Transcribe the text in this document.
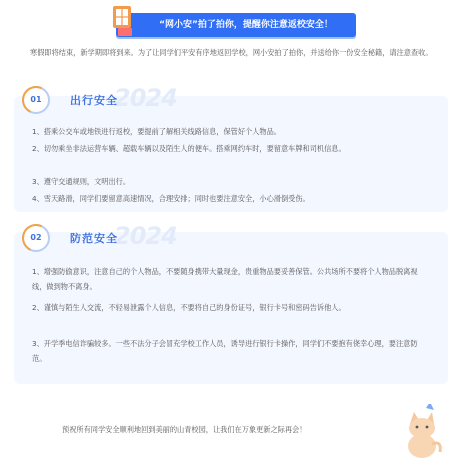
“网小安”拍了拍你，提醒你注意返校安全！
寒假即将结束，新学期即将到来。为了让同学们平安有序地返回学校，网小安拍了拍你，并送给你一份安全秘籍，请注意查收。
2024
01	出行安全
1、搭乘公交车或地铁进行返校，要提前了解相关线路信息，保管好个人物品。
2、切勿乘坐非法运营车辆、超载车辆以及陌生人的便车。搭乘网约车时，要留意车牌和司机信息。
3、遵守交通规则，文明出行。
4、雪天路滑，同学们要留意高速情况，合理安排；同时也要注意安全，小心滑倒受伤。
2024
02	防范安全
1、增强防偷意识，注意自己的个人物品，不要随身携带大量现金，贵重物品要妥善保管。公共场所不要将个人物品脱离视线，做到物不离身。
2、谨慎与陌生人交流，不轻易泄露个人信息，不要将自己的身份证号，银行卡号和密码告诉他人。
3、开学季电信诈骗较多。一些不法分子会冒充学校工作人员，诱导进行银行卡操作，同学们不要抱有侥幸心理，要注意防范。
预祝所有同学安全顺利地回到美丽的山青校园，让我们在万象更新之际再会！
